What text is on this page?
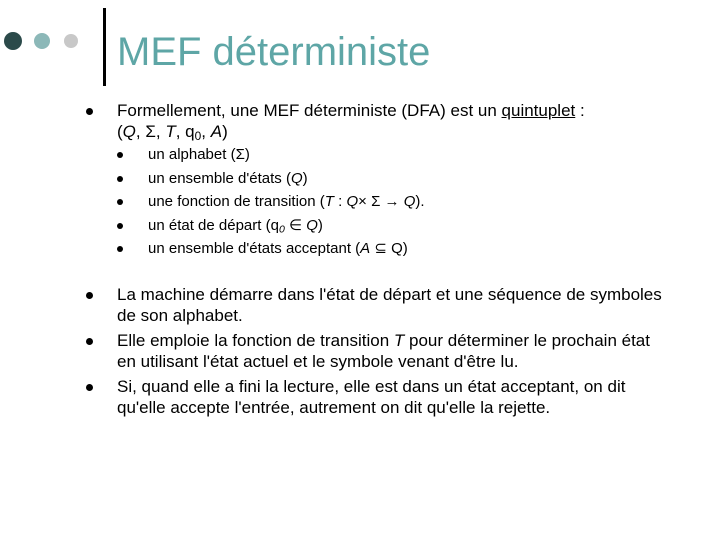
MEF déterministe
Formellement, une MEF déterministe (DFA) est un quintuplet :
(Q, Σ, T, $q_0$, A)
un alphabet (Σ)
un ensemble d'états (Q)
une fonction de transition (T : Q× Σ → Q).
un état de départ ($q_0$ ∈ Q)
un ensemble d'états acceptant (A ⊆ Q)
La machine démarre dans l'état de départ et une séquence de symboles de son alphabet.
Elle emploie la fonction de transition T pour déterminer le prochain état en utilisant l'état actuel et le symbole venant d'être lu.
Si, quand elle a fini la lecture, elle est dans un état acceptant, on dit qu'elle accepte l'entrée, autrement on dit qu'elle la rejette.
